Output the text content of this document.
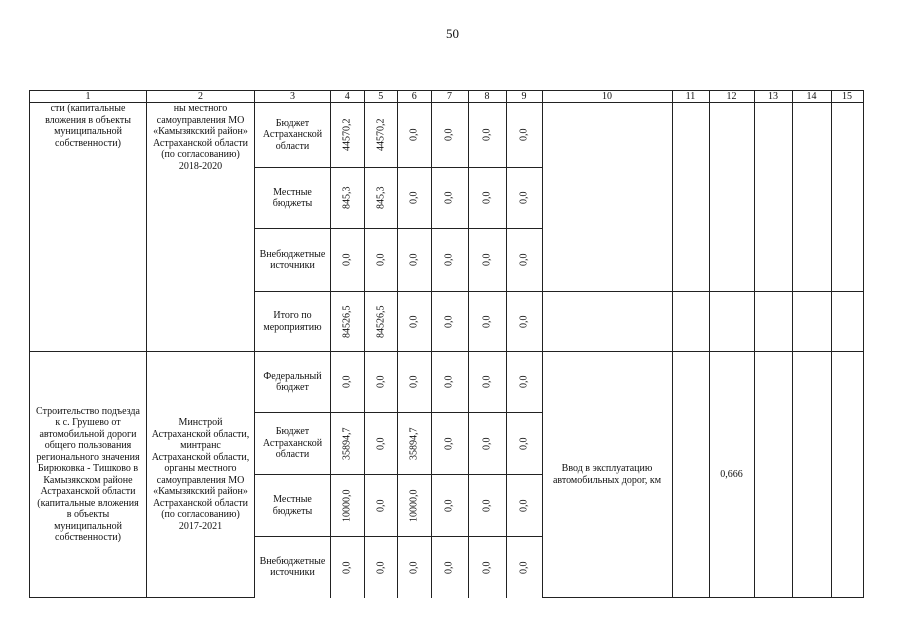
50
1	2	3	4	5	6	7	8	9	10	11	12	13	14	15
сти (капитальные вложения в объекты муниципальной собственности)	ны местного самоуправления МО «Камызякский район» Астраханской области (по согласованию) 2018-2020	Бюджет Астраханской области	44570,2	44570,2	0,0	0,0	0,0	0,0						
		Местные бюджеты	845,3	845,3	0,0	0,0	0,0	0,0						
		Внебюджетные источники	0,0	0,0	0,0	0,0	0,0	0,0						
		Итого по мероприятию	84526,5	84526,5	0,0	0,0	0,0	0,0						
Строительство подъезда к с. Грушево от автомобильной дороги общего пользования регионального значения Бирюковка - Тишково в Камызякском районе Астраханской области (капитальные вложения в объекты муниципальной собственности)	Минстрой Астраханской области, минтранс Астраханской области, органы местного самоуправления МО «Камызякский район» Астраханской области (по согласованию) 2017-2021	Федеральный бюджет	0,0	0,0	0,0	0,0	0,0	0,0	Ввод в эксплуатацию автомобильных дорог, км		0,666			
		Бюджет Астраханской области	35894,7	0,0	35894,7	0,0	0,0	0,0						
		Местные бюджеты	10000,0	0,0	10000,0	0,0	0,0	0,0						
		Внебюджетные источники	0,0	0,0	0,0	0,0	0,0	0,0						
